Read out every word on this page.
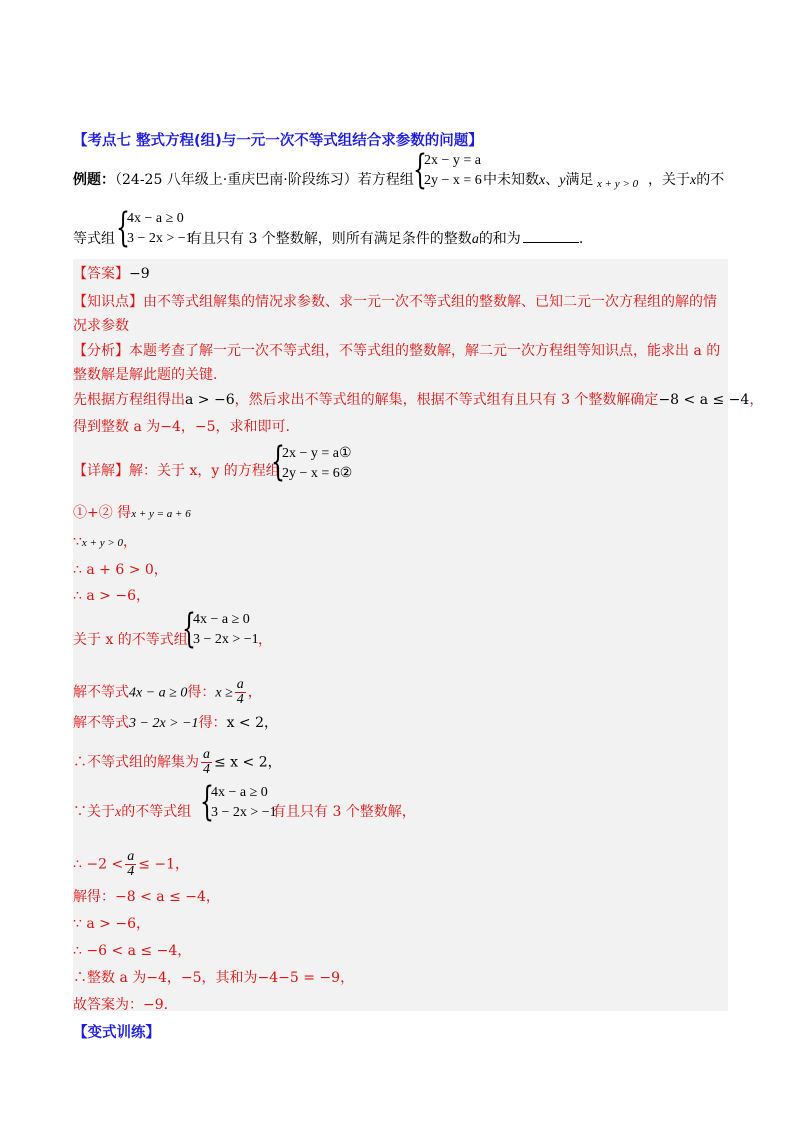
【考点七 整式方程(组)与一元一次不等式组结合求参数的问题】
例题：（24-25 八年级上·重庆巴南·阶段练习）若方程组 {
2x − y = a
2y − x = 6 中未知数x、y满足 x + y > 0 ，关于x的不
等式组 {
4x − a ≥ 0
3 − 2x > −1
有且只有 3 个整数解，则所有满足条件的整数a的和为	.
【答案】−9
【知识点】由不等式组解集的情况求参数、求一元一次不等式组的整数解、已知二元一次方程组的解的情
况求参数
【分析】本题考查了解一元一次不等式组，不等式组的整数解，解二元一次方程组等知识点，能求出 a 的
整数解是解此题的关键.
先根据方程组得出a > −6，然后求出不等式组的解集，根据不等式组有且只有 3 个整数解确定−8 < a ≤ −4，
得到整数 a 为−4，−5，求和即可.
【详解】解：关于 x，y 的方程组
{
2x − y = a①
2y − x = 6②
①+② 得x + y = a + 6
∵x + y > 0，
∴ a + 6 > 0，
∴ a > −6，
关于 x 的不等式组
{
4x − a ≥ 0
3 − 2x > −1 ，
解不等式4x − a ≥ 0得：$x \ge \frac{a}{4}$ ，
解不等式3 − 2x > −1得：x < 2，
∴不等式组的解集为 $\frac{a}{4} \le x < 2$，
∵关于x的不等式组 {
4x − a ≥ 0
3 − 2x > −1
有且只有 3 个整数解，
∴ $-2 < \frac{a}{4} \le -1$，
解得：−8 < a ≤ −4，
∵ a > −6，
∴ −6 < a ≤ −4，
∴整数 a 为−4，−5，其和为−4−5 = −9，
故答案为：−9.
【变式训练】
